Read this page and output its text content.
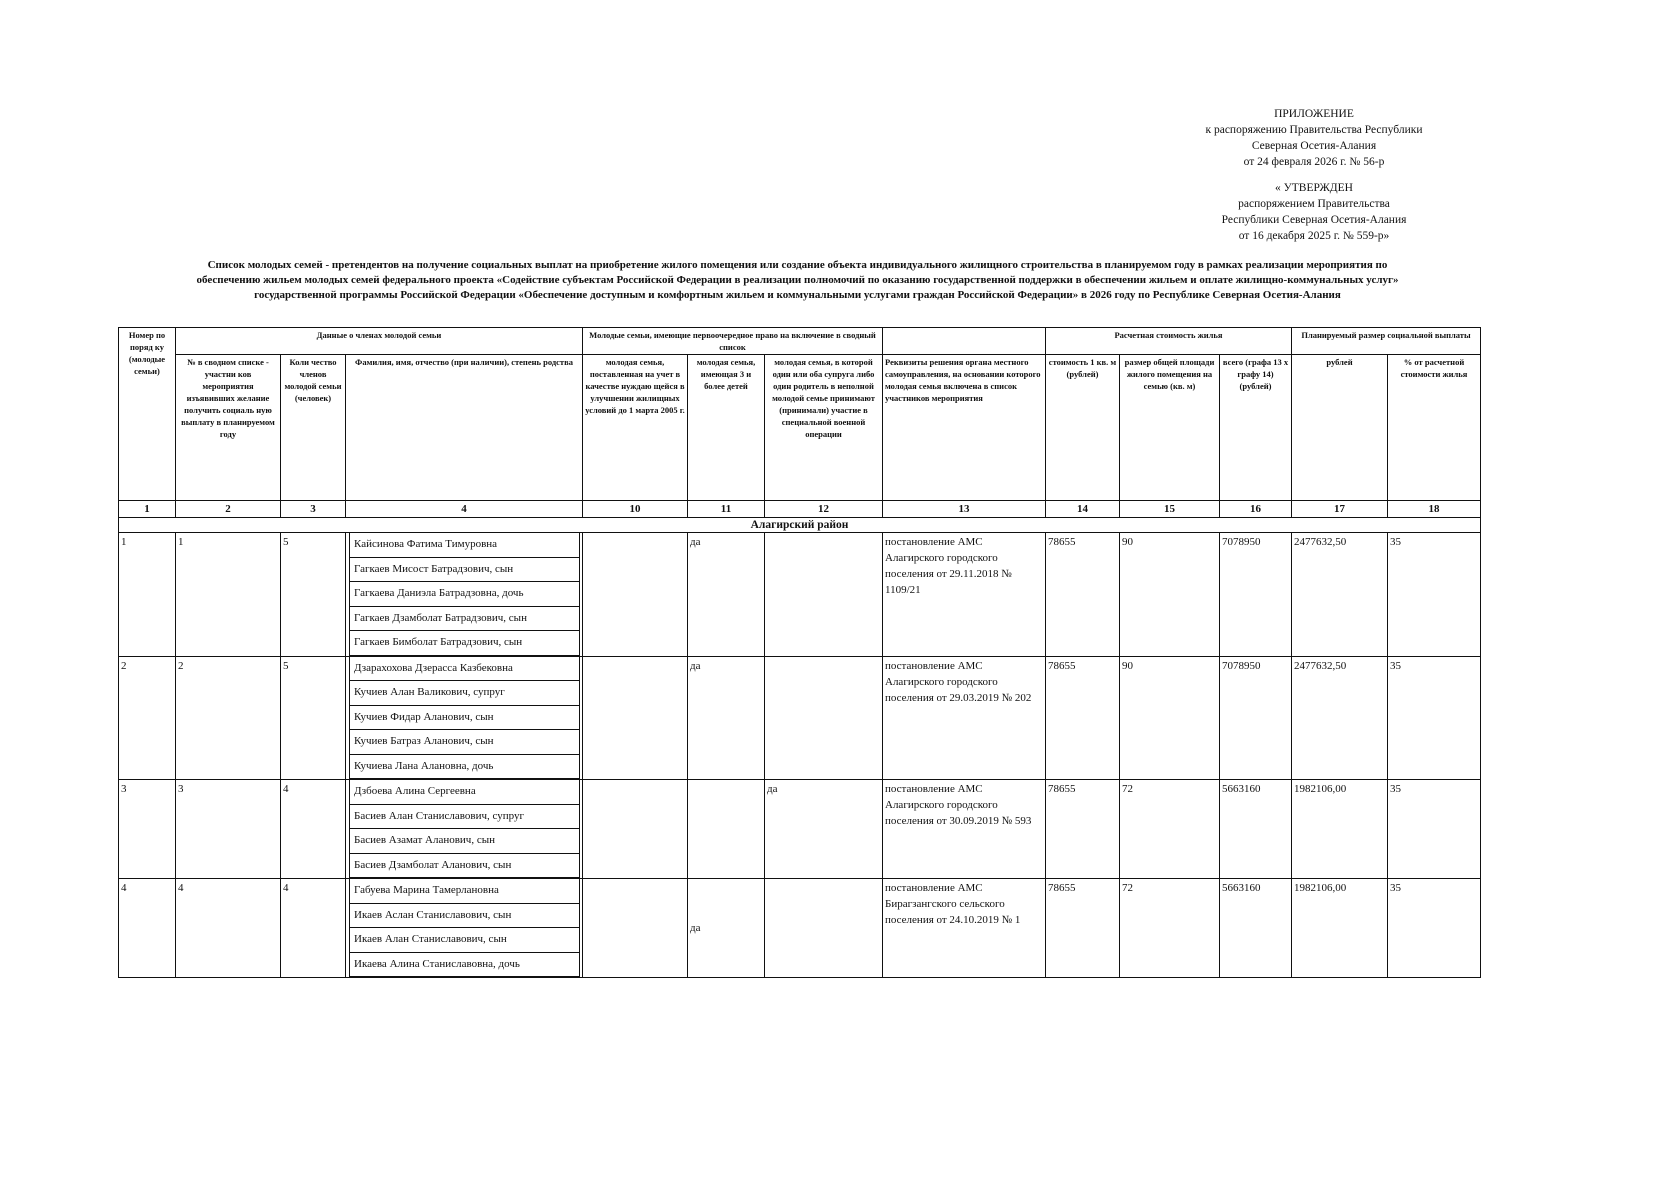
ПРИЛОЖЕНИЕ
к распоряжению Правительства Республики
Северная Осетия-Алания
от 24 февраля 2026 г. № 56-р
« УТВЕРЖДЕН
распоряжением Правительства
Республики Северная Осетия-Алания
от 16 декабря 2025 г. № 559-р»
Список молодых семей - претендентов на получение социальных выплат на приобретение жилого помещения или создание объекта индивидуального жилищного строительства в планируемом году в рамках реализации мероприятия по
обеспечению жильем молодых семей федерального проекта «Содействие субъектам Российской Федерации в реализации полномочий по оказанию государственной поддержки в обеспечении жильем и оплате жилищно-коммунальных услуг»
государственной программы Российской Федерации «Обеспечение доступным и комфортным жильем и коммунальными услугами граждан Российской Федерации» в 2026 году по Республике Северная Осетия-Алания
Номер по поряд ку (молодые семьи)	Данные о членах молодой семьи			Молодые семьи, имеющие первоочередное право на включение в сводный список				Расчетная стоимость жилья			Планируемый размер социальной выплаты	
	№ в сводном списке - участни ков мероприятия изъявивших желание получить социаль ную выплату в планируемом году	Коли чество членов молодой семьи (человек)	Фамилия, имя, отчество (при наличии), степень родства	молодая семья, поставленная на учет в качестве нуждаю щейся в улучшении жилищных условий до 1 марта 2005 г.	молодая семья, имеющая 3 и более детей	молодая семья, в которой один или оба супруга либо один родитель в неполной молодой семье принимают (принимали) участие в специальной военной операции	Реквизиты решения органа местного самоуправления, на основании которого молодая семья включена в список участников мероприятия	стоимость 1 кв. м (рублей)	размер общей площади жилого помещения на семью (кв. м)	всего (графа 13 х графу 14) (рублей)	рублей	% от расчетной стоимости жилья
1	2	3	4	10	11	12	13	14	15	16	17	18
Алагирский район												
1	1	5	Кайсинова Фатима Тимуровна
Гагкаев Мисост Батрадзович, сын
Гагкаева Даниэла Батрадзовна, дочь
Гагкаев Дзамболат Батрадзович, сын
Гагкаев Бимболат Батрадзович, сын		да		постановление АМС Алагирского городского поселения от 29.11.2018 № 1109/21	78655	90	7078950	2477632,50	35
2	2	5	Дзарахохова Дзерасса Казбековна
Кучиев Алан Валикович, супруг
Кучиев Фидар Аланович, сын
Кучиев Батраз Аланович, сын
Кучиева Лана Алановна, дочь		да		постановление АМС Алагирского городского поселения от 29.03.2019 № 202	78655	90	7078950	2477632,50	35
3	3	4	Дзбоева Алина Сергеевна
Басиев Алан Станиславович, супруг
Басиев Азамат Аланович, сын
Басиев Дзамболат Аланович, сын			да	постановление АМС Алагирского городского поселения от 30.09.2019 № 593	78655	72	5663160	1982106,00	35
4	4	4	Габуева Марина Тамерлановна
Икаев Аслан Станиславович, сын
Икаев Алан Станиславович, сын
Икаева Алина Станиславовна, дочь		да		постановление АМС Бирагзангского сельского поселения от 24.10.2019 № 1	78655	72	5663160	1982106,00	35
